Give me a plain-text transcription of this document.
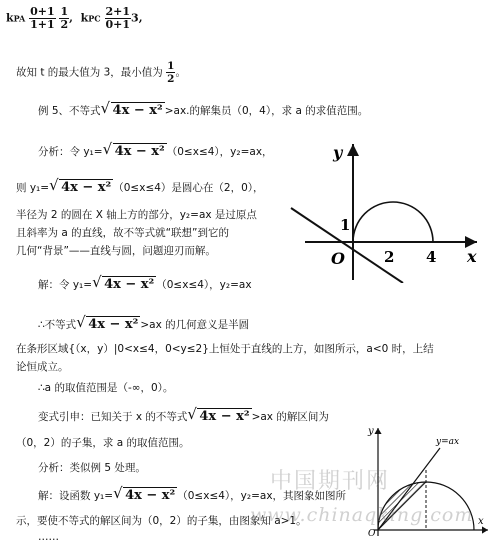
kPA $\frac{0+1}{1+1}$
$\frac{1}{2}$ , kPC $\frac{2+1}{0+1} 3$,
故知 t 的最大值为 3，最小值为 $\frac{1}{2}$ 。
例 5、不等式 √ 4x − x² >ax.的解集员（0，4），求 a 的求值范围。
分析：令 y₁= √ 4x − x² （0≤x≤4），y₂=ax，
则 y₁= √ 4x − x² （0≤x≤4）是圆心在（2，0），
半径为 2 的圆在 X 轴上方的部分，y₂=ax 是过原点
且斜率为 a 的直线，故不等式就“联想”到它的
几何“背景”——直线与圆，问题迎刃而解。
解：令 y₁= √ 4x − x² （0≤x≤4），y₂=ax
∴不等式 √ 4x − x² >ax 的几何意义是半圆
在条形区域{（x，y）|0<x≤4，0<y≤2}上恒处于直线的上方，如图所示，a<0 时，上结
论恒成立。
∴a 的取值范围是（-∞，0）。
变式引申：已知关于 x 的不等式 √ 4x − x² >ax 的解区间为
（0，2）的子集，求 a 的取值范围。
分析：类似例 5 处理。
解：设函数 y₁= √ 4x − x² （0≤x≤4），y₂=ax，其图象如图所
示，要使不等式的解区间为（0，2）的子集，由图象知 a>1。
……
y
x
O
1
2 4
y
x
O
y=ax
中国期刊网
www.chinaqking.com
